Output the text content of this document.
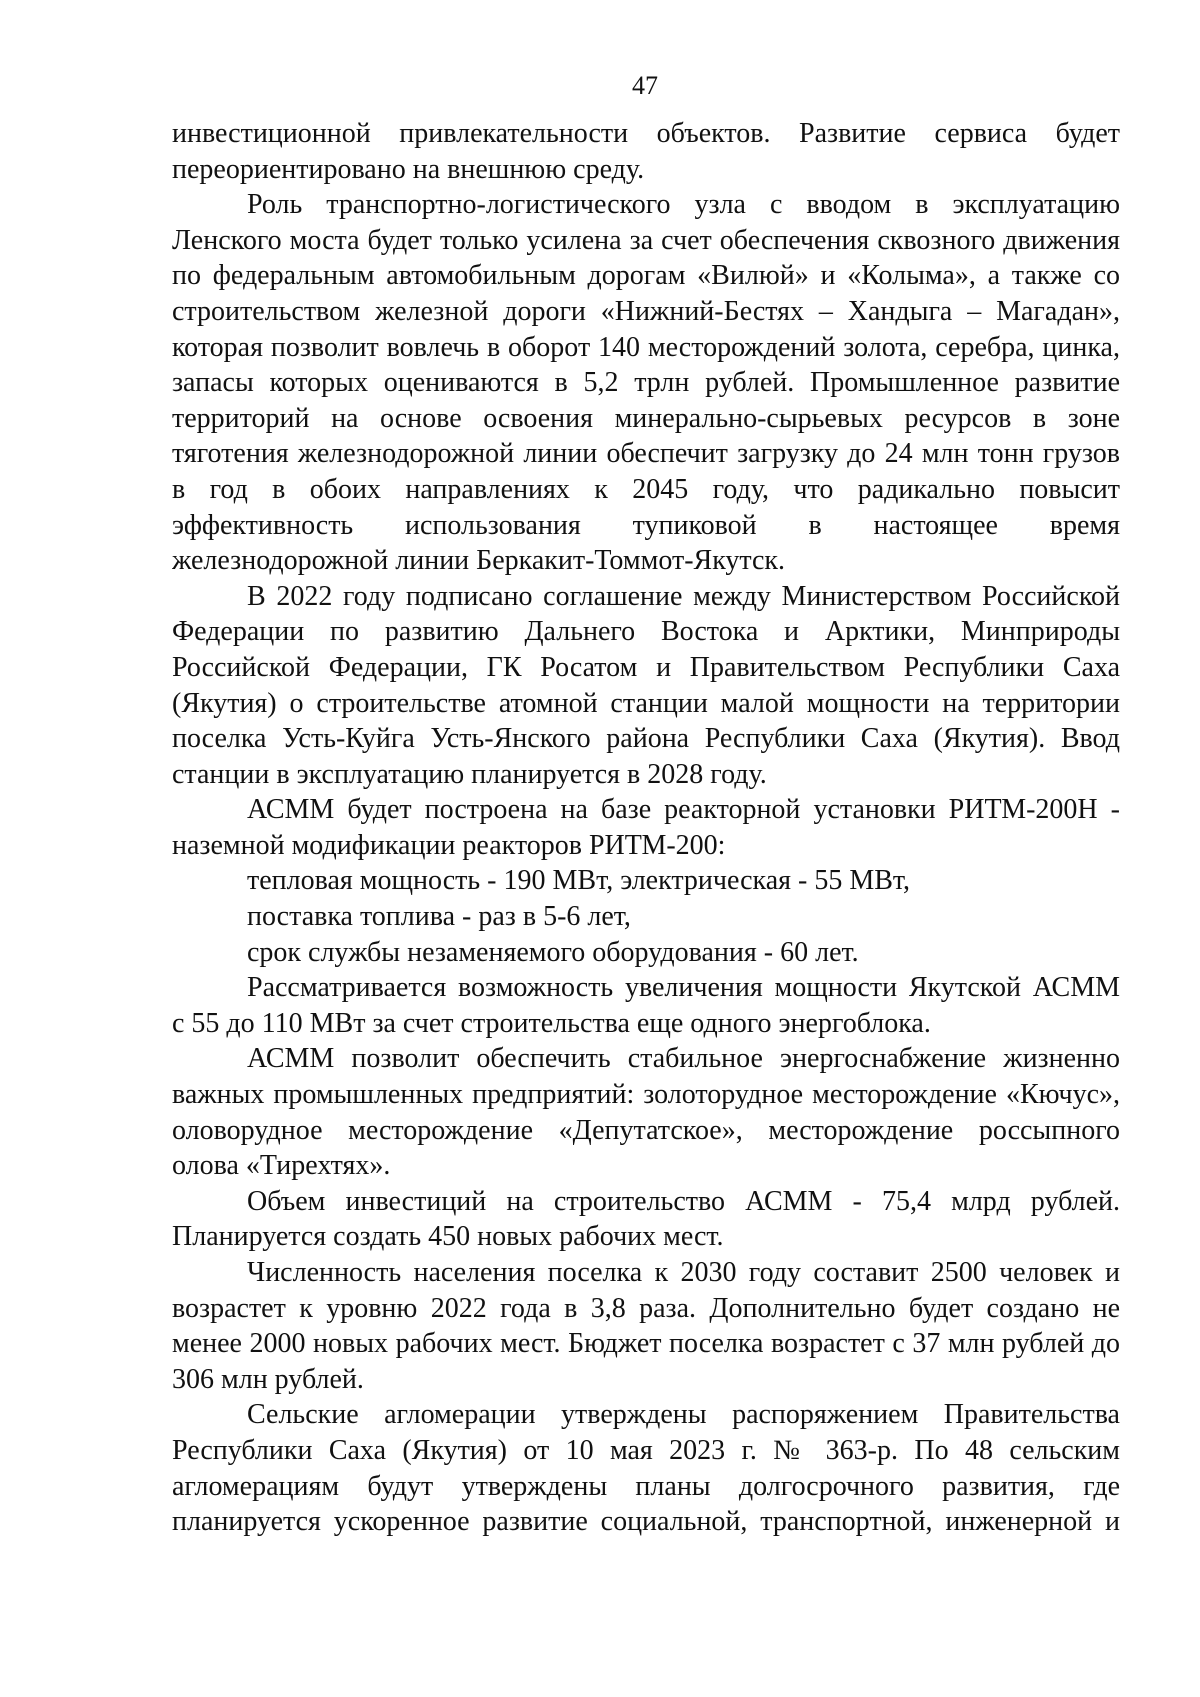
47
инвестиционной привлекательности объектов. Развитие сервиса будет
переориентировано на внешнюю среду.
Роль транспортно-логистического узла с вводом в эксплуатацию
Ленского моста будет только усилена за счет обеспечения сквозного движения
по федеральным автомобильным дорогам «Вилюй» и «Колыма», а также со
строительством железной дороги «Нижний-Бестях – Хандыга – Магадан»,
которая позволит вовлечь в оборот 140 месторождений золота, серебра, цинка,
запасы которых оцениваются в 5,2 трлн рублей. Промышленное развитие
территорий на основе освоения минерально-сырьевых ресурсов в зоне
тяготения железнодорожной линии обеспечит загрузку до 24 млн тонн грузов
в год в обоих направлениях к 2045 году, что радикально повысит
эффективность использования тупиковой в настоящее время
железнодорожной линии Беркакит-Томмот-Якутск.
В 2022 году подписано соглашение между Министерством Российской
Федерации по развитию Дальнего Востока и Арктики, Минприроды
Российской Федерации, ГК Росатом и Правительством Республики Саха
(Якутия) о строительстве атомной станции малой мощности на территории
поселка Усть-Куйга Усть-Янского района Республики Саха (Якутия). Ввод
станции в эксплуатацию планируется в 2028 году.
АСММ будет построена на базе реакторной установки РИТМ-200Н -
наземной модификации реакторов РИТМ-200:
тепловая мощность - 190 МВт, электрическая - 55 МВт,
поставка топлива - раз в 5-6 лет,
срок службы незаменяемого оборудования - 60 лет.
Рассматривается возможность увеличения мощности Якутской АСММ
с 55 до 110 МВт за счет строительства еще одного энергоблока.
АСММ позволит обеспечить стабильное энергоснабжение жизненно
важных промышленных предприятий: золоторудное месторождение «Кючус»,
оловорудное месторождение «Депутатское», месторождение россыпного
олова «Тирехтях».
Объем инвестиций на строительство АСММ - 75,4 млрд рублей.
Планируется создать 450 новых рабочих мест.
Численность населения поселка к 2030 году составит 2500 человек и
возрастет к уровню 2022 года в 3,8 раза. Дополнительно будет создано не
менее 2000 новых рабочих мест. Бюджет поселка возрастет с 37 млн рублей до
306 млн рублей.
Сельские агломерации утверждены распоряжением Правительства
Республики Саха (Якутия) от 10 мая 2023 г. № 363-р. По 48 сельским
агломерациям будут утверждены планы долгосрочного развития, где
планируется ускоренное развитие социальной, транспортной, инженерной и
